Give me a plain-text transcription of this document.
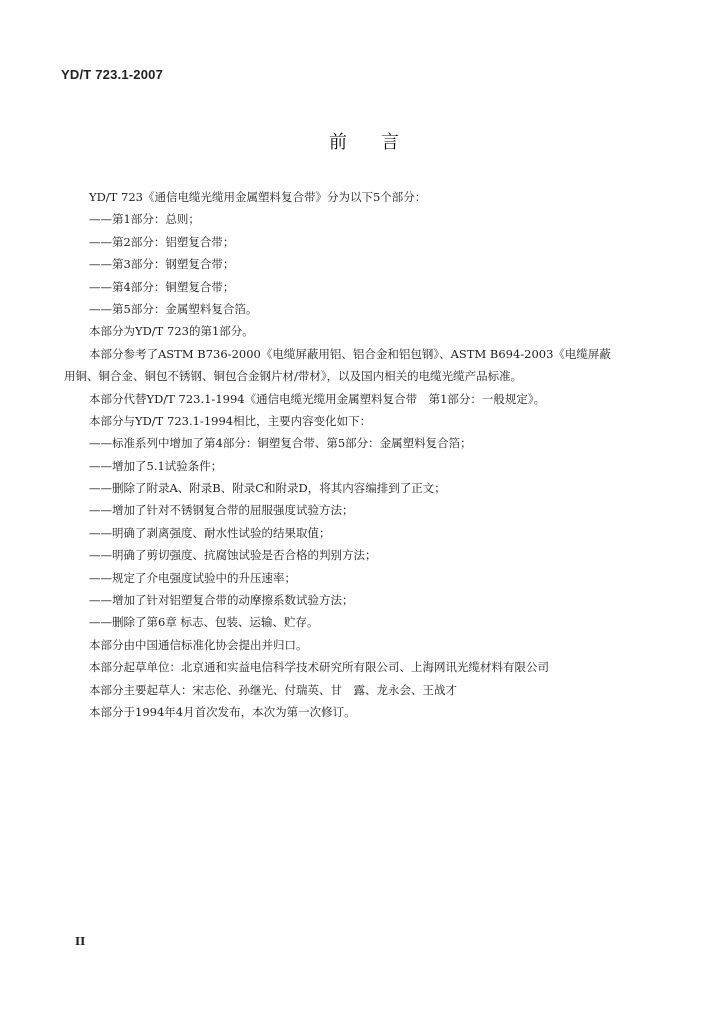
YD/T 723.1-2007
前言
YD/T 723《通信电缆光缆用金属塑料复合带》分为以下5个部分：
——第1部分：总则；
——第2部分：铝塑复合带；
——第3部分：钢塑复合带；
——第4部分：铜塑复合带；
——第5部分：金属塑料复合箔。
本部分为YD/T 723的第1部分。
本部分参考了ASTM B736-2000《电缆屏蔽用铝、铝合金和铝包钢》、ASTM B694-2003《电缆屏蔽
用铜、铜合金、铜包不锈钢、铜包合金钢片材/带材》，以及国内相关的电缆光缆产品标准。
本部分代替YD/T 723.1-1994《通信电缆光缆用金属塑料复合带　第1部分：一般规定》。
本部分与YD/T 723.1-1994相比，主要内容变化如下：
——标准系列中增加了第4部分：铜塑复合带、第5部分：金属塑料复合箔；
——增加了5.1试验条件；
——删除了附录A、附录B、附录C和附录D，将其内容编排到了正文；
——增加了针对不锈钢复合带的屈服强度试验方法；
——明确了剥离强度、耐水性试验的结果取值；
——明确了剪切强度、抗腐蚀试验是否合格的判别方法；
——规定了介电强度试验中的升压速率；
——增加了针对铝塑复合带的动摩擦系数试验方法；
——删除了第6章 标志、包装、运输、贮存。
本部分由中国通信标准化协会提出并归口。
本部分起草单位：北京通和实益电信科学技术研究所有限公司、上海网讯光缆材料有限公司
本部分主要起草人：宋志伦、孙继光、付瑞英、甘　露、龙永会、王战才
本部分于1994年4月首次发布，本次为第一次修订。
II
